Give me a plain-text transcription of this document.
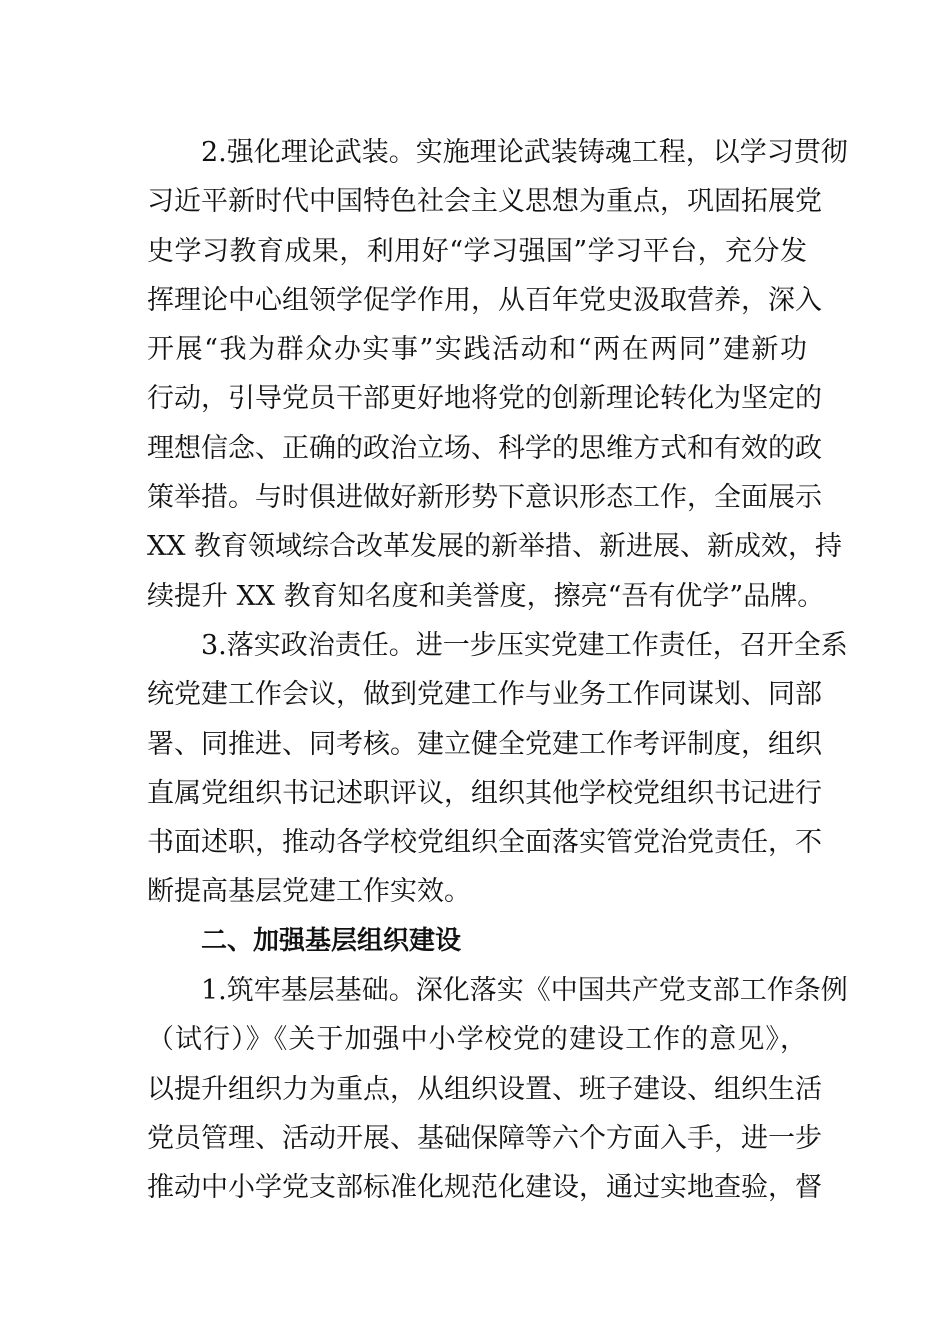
2.强化理论武装。实施理论武装铸魂工程，以学习贯彻
习近平新时代中国特色社会主义思想为重点，巩固拓展党
史学习教育成果，利用好“学习强国”学习平台，充分发
挥理论中心组领学促学作用，从百年党史汲取营养，深入
开展“我为群众办实事”实践活动和“两在两同”建新功
行动，引导党员干部更好地将党的创新理论转化为坚定的
理想信念、正确的政治立场、科学的思维方式和有效的政
策举措。与时俱进做好新形势下意识形态工作，全面展示
XX 教育领域综合改革发展的新举措、新进展、新成效，持
续提升 XX 教育知名度和美誉度，擦亮“吾有优学”品牌。
3.落实政治责任。进一步压实党建工作责任，召开全系
统党建工作会议，做到党建工作与业务工作同谋划、同部
署、同推进、同考核。建立健全党建工作考评制度，组织
直属党组织书记述职评议，组织其他学校党组织书记进行
书面述职，推动各学校党组织全面落实管党治党责任，不
断提高基层党建工作实效。
二、加强基层组织建设
1.筑牢基层基础。深化落实《中国共产党支部工作条例
（试行）》《关于加强中小学校党的建设工作的意见》，
以提升组织力为重点，从组织设置、班子建设、组织生活
党员管理、活动开展、基础保障等六个方面入手，进一步
推动中小学党支部标准化规范化建设，通过实地查验，督
